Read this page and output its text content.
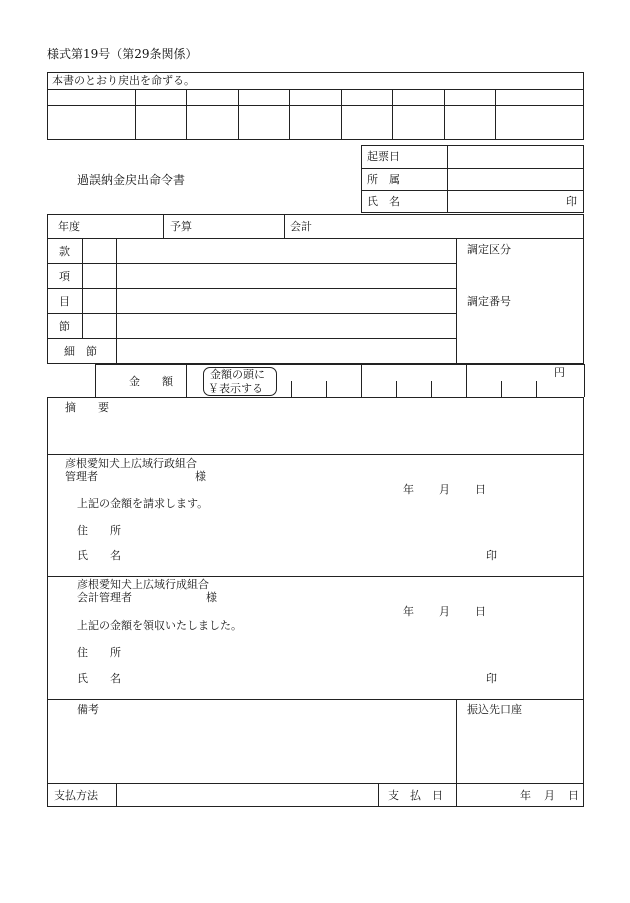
様式第19号（第29条関係）
本書のとおり戻出を命ずる。
過誤納金戻出命令書
起票日
所　属
氏　名	印
年度	予算	会計
款
項
目
節
細　節
調定区分
調定番号
金　　額
金額の頭に
￥表示する
円
摘　　要
彦根愛知犬上広域行政組合
管理者	様
年 月 日
上記の金額を請求します。
住　　所
氏　　名	印
彦根愛知犬上広域行成組合
会計管理者	様
年 月 日
上記の金額を領収いたしました。
住　　所
氏　　名	印
備考	振込先口座
支払方法	支　払　日	年 月 日
